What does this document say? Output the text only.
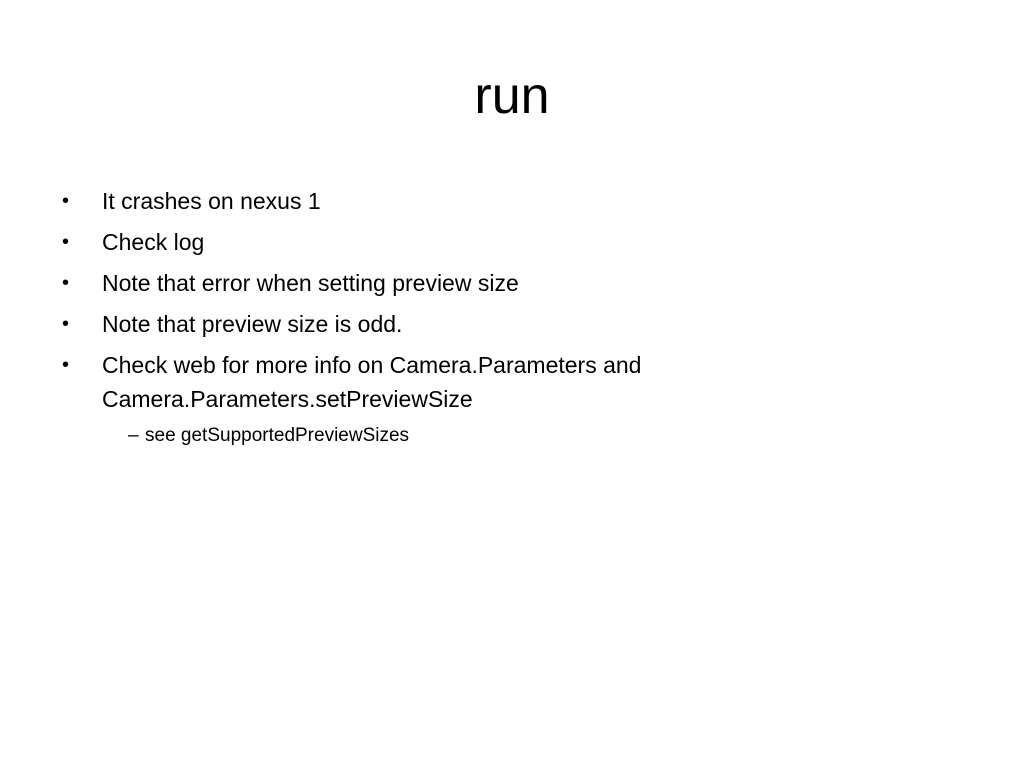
run
•	It crashes on nexus 1
•	Check log
•	Note that error when setting preview size
•	Note that preview size is odd.
•	Check web for more info on Camera.Parameters and Camera.Parameters.setPreviewSize
– see getSupportedPreviewSizes
